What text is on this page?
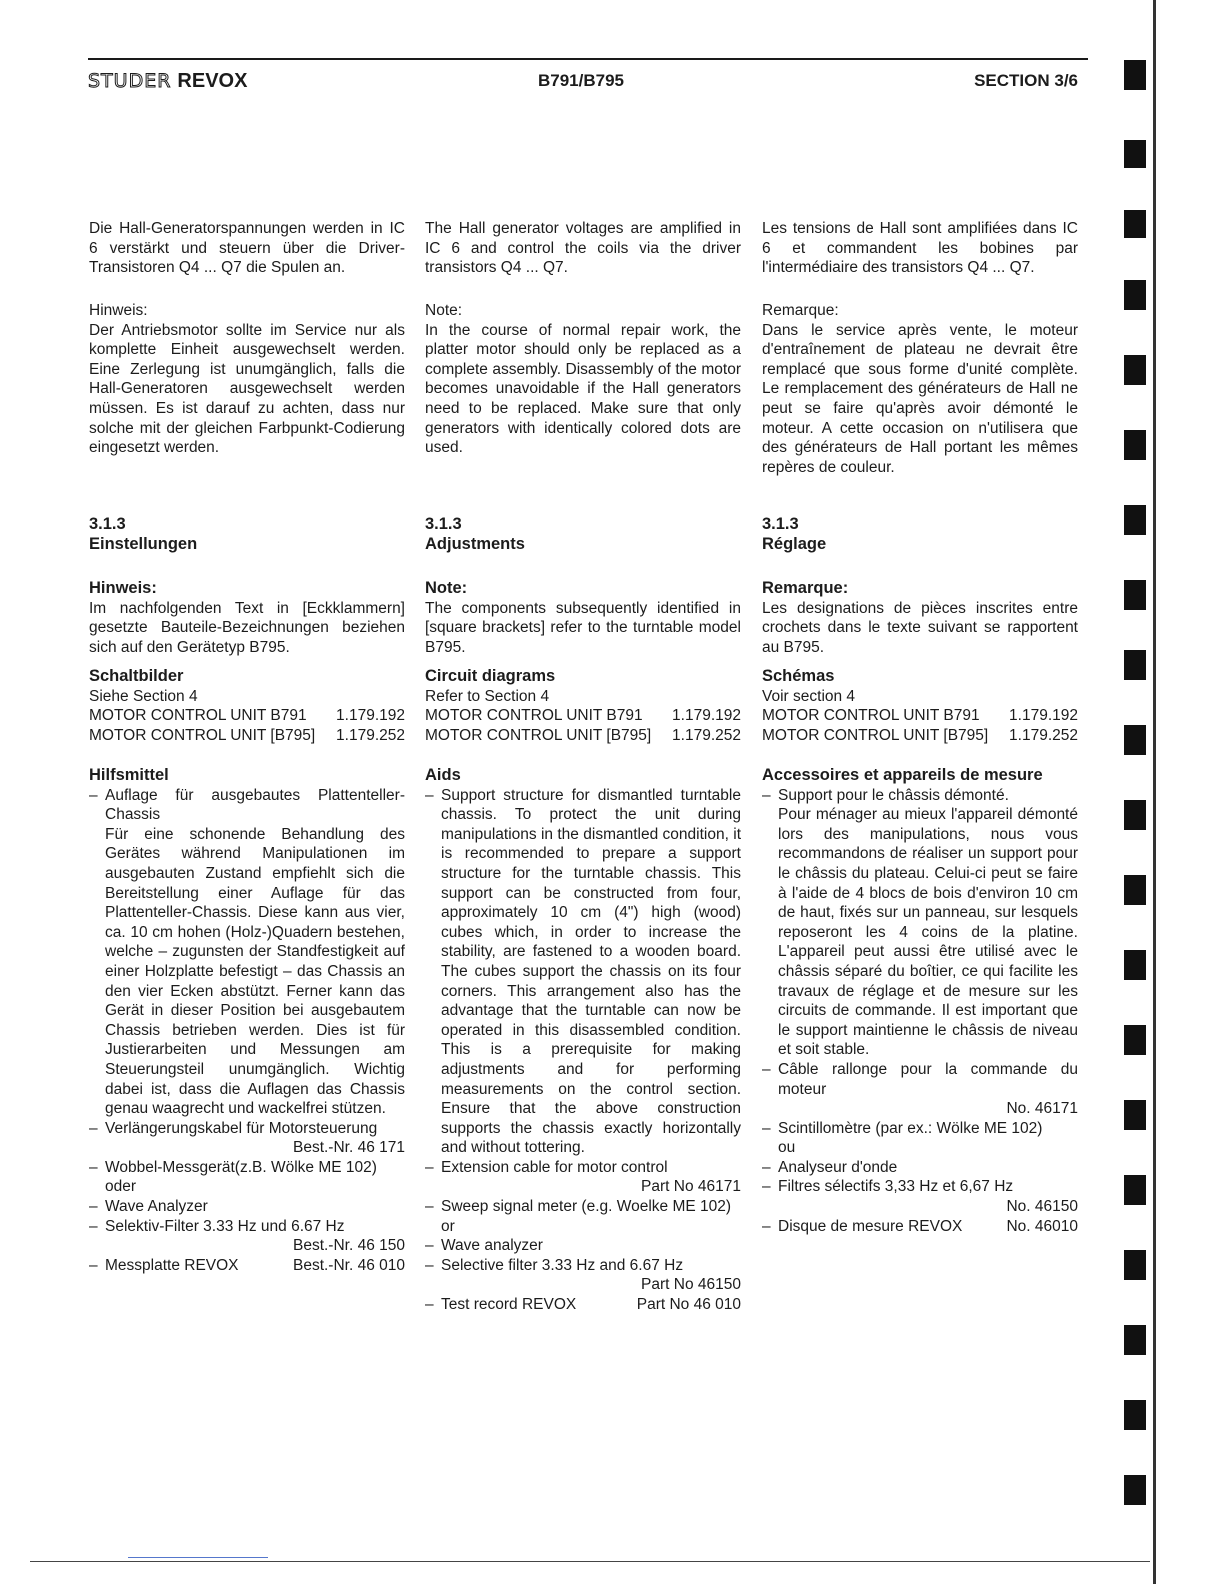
STUDER REVOX	B791/B795	SECTION 3/6

Die Hall-Generatorspannungen werden in IC 6 verstärkt und steuern über die Driver-Transistoren Q4 ... Q7 die Spulen an.

Hinweis:

Der Antriebsmotor sollte im Service nur als komplette Einheit ausgewechselt werden. Eine Zerlegung ist unumgänglich, falls die Hall-Generatoren ausgewechselt werden müssen. Es ist darauf zu achten, dass nur solche mit der gleichen Farbpunkt-Codierung eingesetzt werden.

3.1.3
Einstellungen
Hinweis:

Im nachfolgenden Text in [Eckklammern] gesetzte Bauteile-Bezeichnungen beziehen sich auf den Gerätetyp B795.

Schaltbilder
Siehe Section 4
MOTOR CONTROL UNIT B791 1.179.192
MOTOR CONTROL UNIT [B795] 1.179.252
Hilfsmittel
– Auflage für ausgebautes Plattenteller-Chassis
Für eine schonende Behandlung des Gerätes während Manipulationen im ausgebauten Zustand empfiehlt sich die Bereitstellung einer Auflage für das Plattenteller-Chassis. Diese kann aus vier, ca. 10 cm hohen (Holz-)Quadern bestehen, welche – zugunsten der Standfestigkeit auf einer Holzplatte befestigt – das Chassis an den vier Ecken abstützt. Ferner kann das Gerät in dieser Position bei ausgebautem Chassis betrieben werden. Dies ist für Justierarbeiten und Messungen am Steuerungsteil unumgänglich. Wichtig dabei ist, dass die Auflagen das Chassis genau waagrecht und wackelfrei stützen.
– Verlängerungskabel für Motorsteuerung
Best.-Nr. 46 171
– Wobbel-Messgerät(z.B. Wölke ME 102)
oder
– Wave Analyzer
– Selektiv-Filter 3.33 Hz und 6.67 Hz
Best.-Nr. 46 150
– Messplatte REVOX	Best.-Nr. 46 010

The Hall generator voltages are amplified in IC 6 and control the coils via the driver transistors Q4 ... Q7.

Note:

In the course of normal repair work, the platter motor should only be replaced as a complete assembly. Disassembly of the motor becomes unavoidable if the Hall generators need to be replaced. Make sure that only generators with identically colored dots are used.

3.1.3
Adjustments
Note:

The components subsequently identified in [square brackets] refer to the turntable model B795.

Circuit diagrams
Refer to Section 4
MOTOR CONTROL UNIT B791 1.179.192
MOTOR CONTROL UNIT [B795] 1.179.252
Aids
– Support structure for dismantled turntable chassis. To protect the unit during manipulations in the dismantled condition, it is recommended to prepare a support structure for the turntable chassis. This support can be constructed from four, approximately 10 cm (4") high (wood) cubes which, in order to increase the stability, are fastened to a wooden board. The cubes support the chassis on its four corners. This arrangement also has the advantage that the turntable can now be operated in this disassembled condition. This is a prerequisite for making adjustments and for performing measurements on the control section. Ensure that the above construction supports the chassis exactly horizontally and without tottering.
– Extension cable for motor control
Part No 46171
– Sweep signal meter (e.g. Woelke ME 102)
or
– Wave analyzer
– Selective filter 3.33 Hz and 6.67 Hz
Part No 46150
– Test record REVOX	Part No 46 010

Les tensions de Hall sont amplifiées dans IC 6 et commandent les bobines par l'intermédiaire des transistors Q4 ... Q7.

Remarque:

Dans le service après vente, le moteur d'entraînement de plateau ne devrait être remplacé que sous forme d'unité complète. Le remplacement des générateurs de Hall ne peut se faire qu'après avoir démonté le moteur. A cette occasion on n'utilisera que des générateurs de Hall portant les mêmes repères de couleur.

3.1.3
Réglage
Remarque:

Les designations de pièces inscrites entre crochets dans le texte suivant se rapportent au B795.

Schémas
Voir section 4
MOTOR CONTROL UNIT B791 1.179.192
MOTOR CONTROL UNIT [B795] 1.179.252
Accessoires et appareils de mesure
– Support pour le châssis démonté.
Pour ménager au mieux l'appareil démonté lors des manipulations, nous vous recommandons de réaliser un support pour le châssis du plateau. Celui-ci peut se faire à l'aide de 4 blocs de bois d'environ 10 cm de haut, fixés sur un panneau, sur lesquels reposeront les 4 coins de la platine. L'appareil peut aussi être utilisé avec le châssis séparé du boîtier, ce qui facilite les travaux de réglage et de mesure sur les circuits de commande. Il est important que le support maintienne le châssis de niveau et soit stable.
– Câble rallonge pour la commande du moteur
No. 46171
– Scintillomètre (par ex.: Wölke ME 102)
ou
– Analyseur d'onde
– Filtres sélectifs 3,33 Hz et 6,67 Hz
No. 46150
– Disque de mesure REVOX	No. 46010
